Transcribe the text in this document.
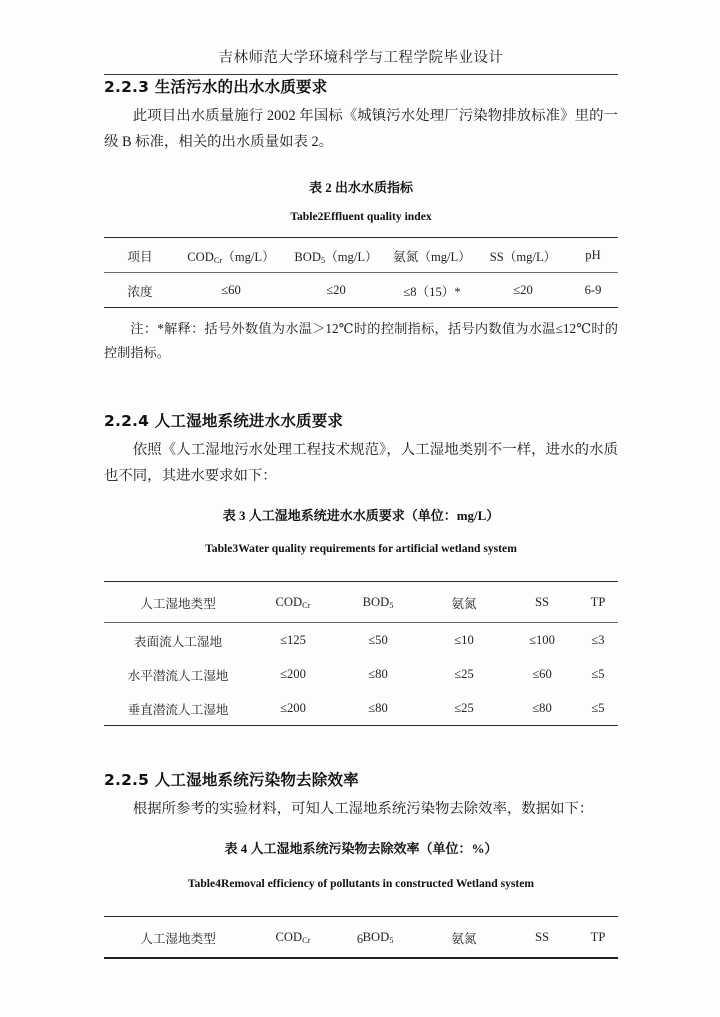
吉林师范大学环境科学与工程学院毕业设计
2.2.3 生活污水的出水水质要求

此项目出水质量施行 2002 年国标《城镇污水处理厂污染物排放标准》里的一级 B 标准，相关的出水质量如表 2。

表 2 出水水质指标
Table2Effluent quality index
项目	$COD_{Cr}(mg/L)$	$BOD_5(mg/L)$	氨氮（mg/L）	SS（mg/L）	pH
浓度	≤60	≤20	≤8（15）*	≤20	6-9

注：*解释：括号外数值为水温＞12℃时的控制指标，括号内数值为水温≤12℃时的控制指标。

2.2.4 人工湿地系统进水水质要求

依照《人工湿地污水处理工程技术规范》，人工湿地类别不一样，进水的水质也不同，其进水要求如下：

表 3 人工湿地系统进水水质要求（单位：mg/L）
Table3Water quality requirements for artificial wetland system
人工湿地类型	$COD_{Cr}$	$BOD_5$	氨氮	SS	TP
表面流人工湿地	≤125	≤50	≤10	≤100	≤3
水平潜流人工湿地	≤200	≤80	≤25	≤60	≤5
垂直潜流人工湿地	≤200	≤80	≤25	≤80	≤5

2.2.5 人工湿地系统污染物去除效率

根据所参考的实验材料，可知人工湿地系统污染物去除效率，数据如下：

表 4 人工湿地系统污染物去除效率（单位：%）
Table4Removal efficiency of pollutants in constructed Wetland system
人工湿地类型	$COD_{Cr}$	$BOD_5$	氨氮	SS	TP

6
